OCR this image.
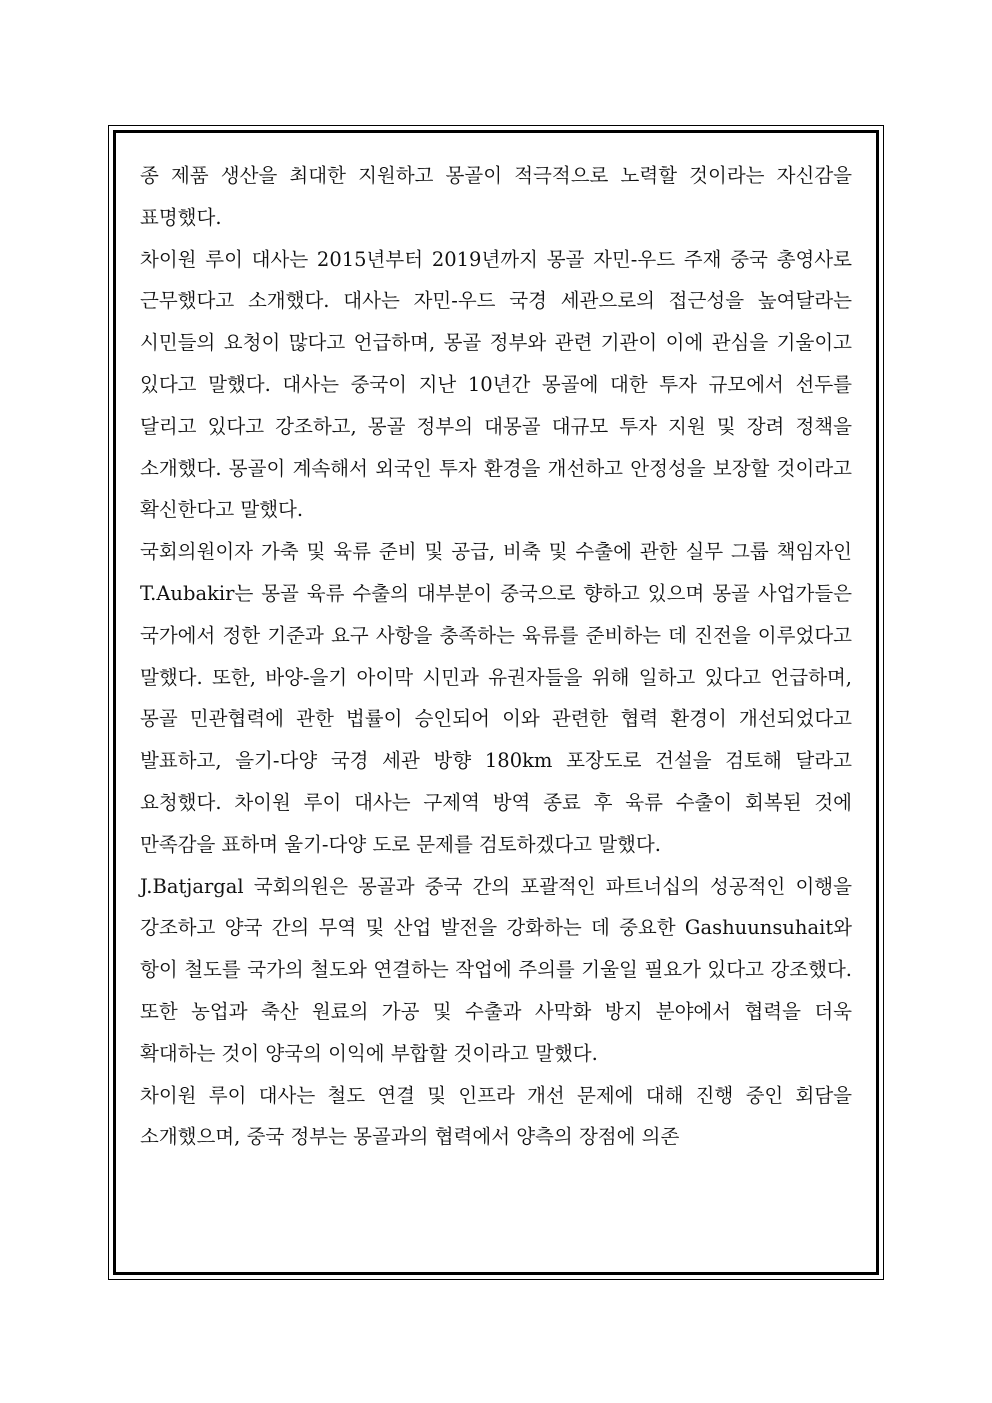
종 제품 생산을 최대한 지원하고 몽골이 적극적으로 노력할 것이라는 자신감을 표명했다.

차이원 루이 대사는 2015년부터 2019년까지 몽골 자민-우드 주재 중국 총영사로 근무했다고 소개했다. 대사는 자민-우드 국경 세관으로의 접근성을 높여달라는 시민들의 요청이 많다고 언급하며, 몽골 정부와 관련 기관이 이에 관심을 기울이고 있다고 말했다. 대사는 중국이 지난 10년간 몽골에 대한 투자 규모에서 선두를 달리고 있다고 강조하고, 몽골 정부의 대몽골 대규모 투자 지원 및 장려 정책을 소개했다. 몽골이 계속해서 외국인 투자 환경을 개선하고 안정성을 보장할 것이라고 확신한다고 말했다.

국회의원이자 가축 및 육류 준비 및 공급, 비축 및 수출에 관한 실무 그룹 책임자인 T.Aubakir는 몽골 육류 수출의 대부분이 중국으로 향하고 있으며 몽골 사업가들은 국가에서 정한 기준과 요구 사항을 충족하는 육류를 준비하는 데 진전을 이루었다고 말했다. 또한, 바양-을기 아이막 시민과 유권자들을 위해 일하고 있다고 언급하며, 몽골 민관협력에 관한 법률이 승인되어 이와 관련한 협력 환경이 개선되었다고 발표하고, 을기-다양 국경 세관 방향 180km 포장도로 건설을 검토해 달라고 요청했다. 차이원 루이 대사는 구제역 방역 종료 후 육류 수출이 회복된 것에 만족감을 표하며 울기-다양 도로 문제를 검토하겠다고 말했다.

J.Batjargal 국회의원은 몽골과 중국 간의 포괄적인 파트너십의 성공적인 이행을 강조하고 양국 간의 무역 및 산업 발전을 강화하는 데 중요한 Gashuunsuhait와 항이 철도를 국가의 철도와 연결하는 작업에 주의를 기울일 필요가 있다고 강조했다. 또한 농업과 축산 원료의 가공 및 수출과 사막화 방지 분야에서 협력을 더욱 확대하는 것이 양국의 이익에 부합할 것이라고 말했다.

차이원 루이 대사는 철도 연결 및 인프라 개선 문제에 대해 진행 중인 회담을 소개했으며, 중국 정부는 몽골과의 협력에서 양측의 장점에 의존
